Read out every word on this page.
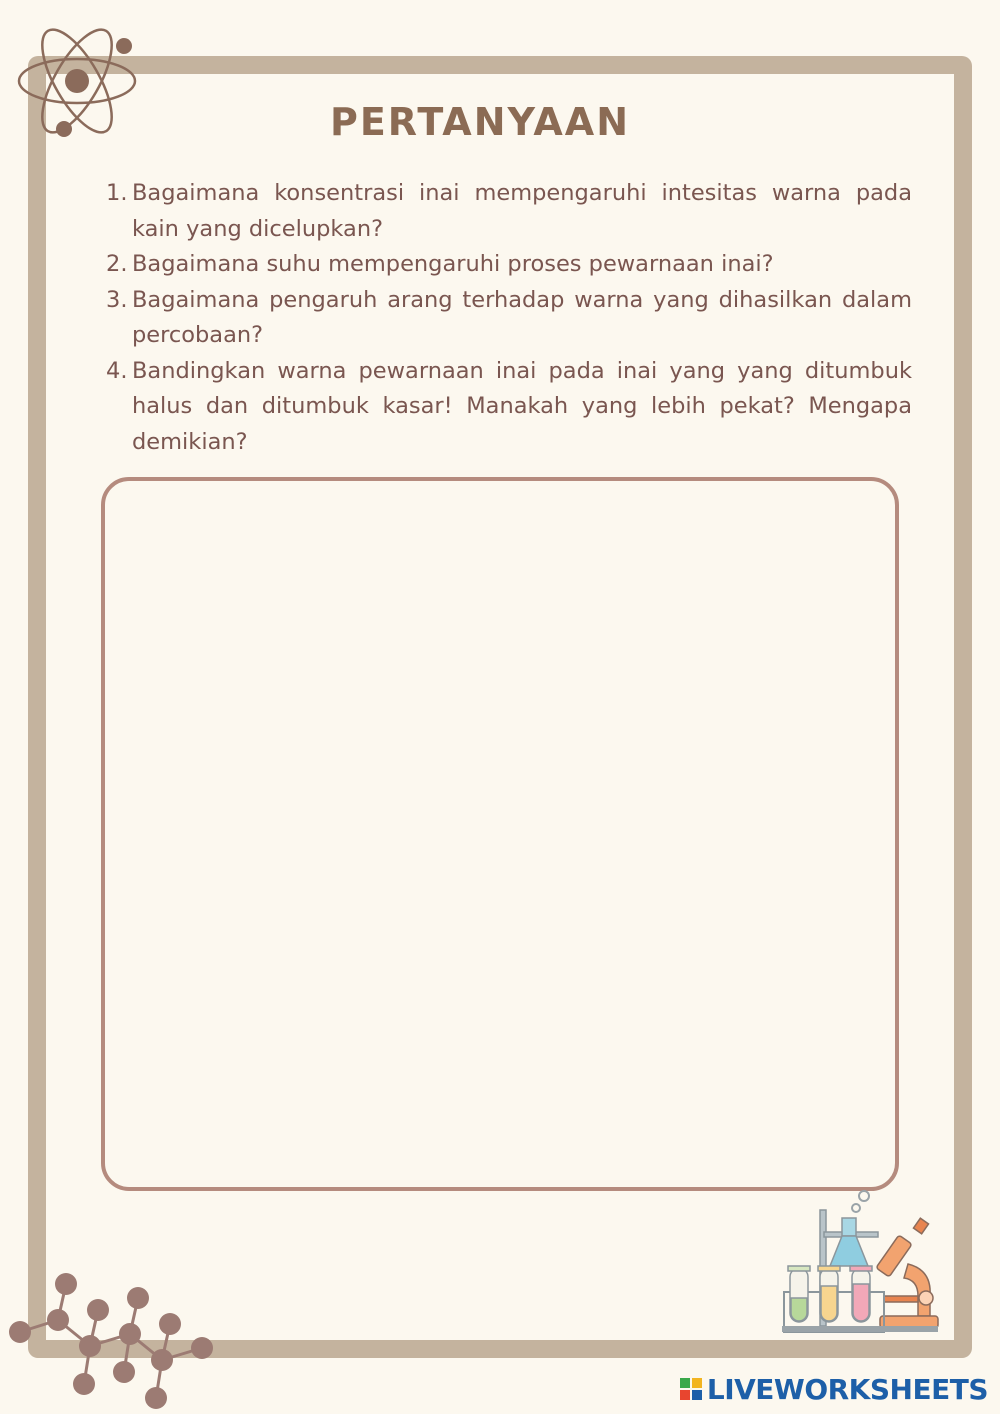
PERTANYAAN
1. Bagaimana konsentrasi inai mempengaruhi intesitas warna pada kain yang dicelupkan?
2. Bagaimana suhu mempengaruhi proses pewarnaan inai?
3. Bagaimana pengaruh arang terhadap warna yang dihasilkan dalam percobaan?
4. Bandingkan warna pewarnaan inai pada inai yang yang ditumbuk halus dan ditumbuk kasar! Manakah yang lebih pekat? Mengapa demikian?
LIVEWORKSHEETS
